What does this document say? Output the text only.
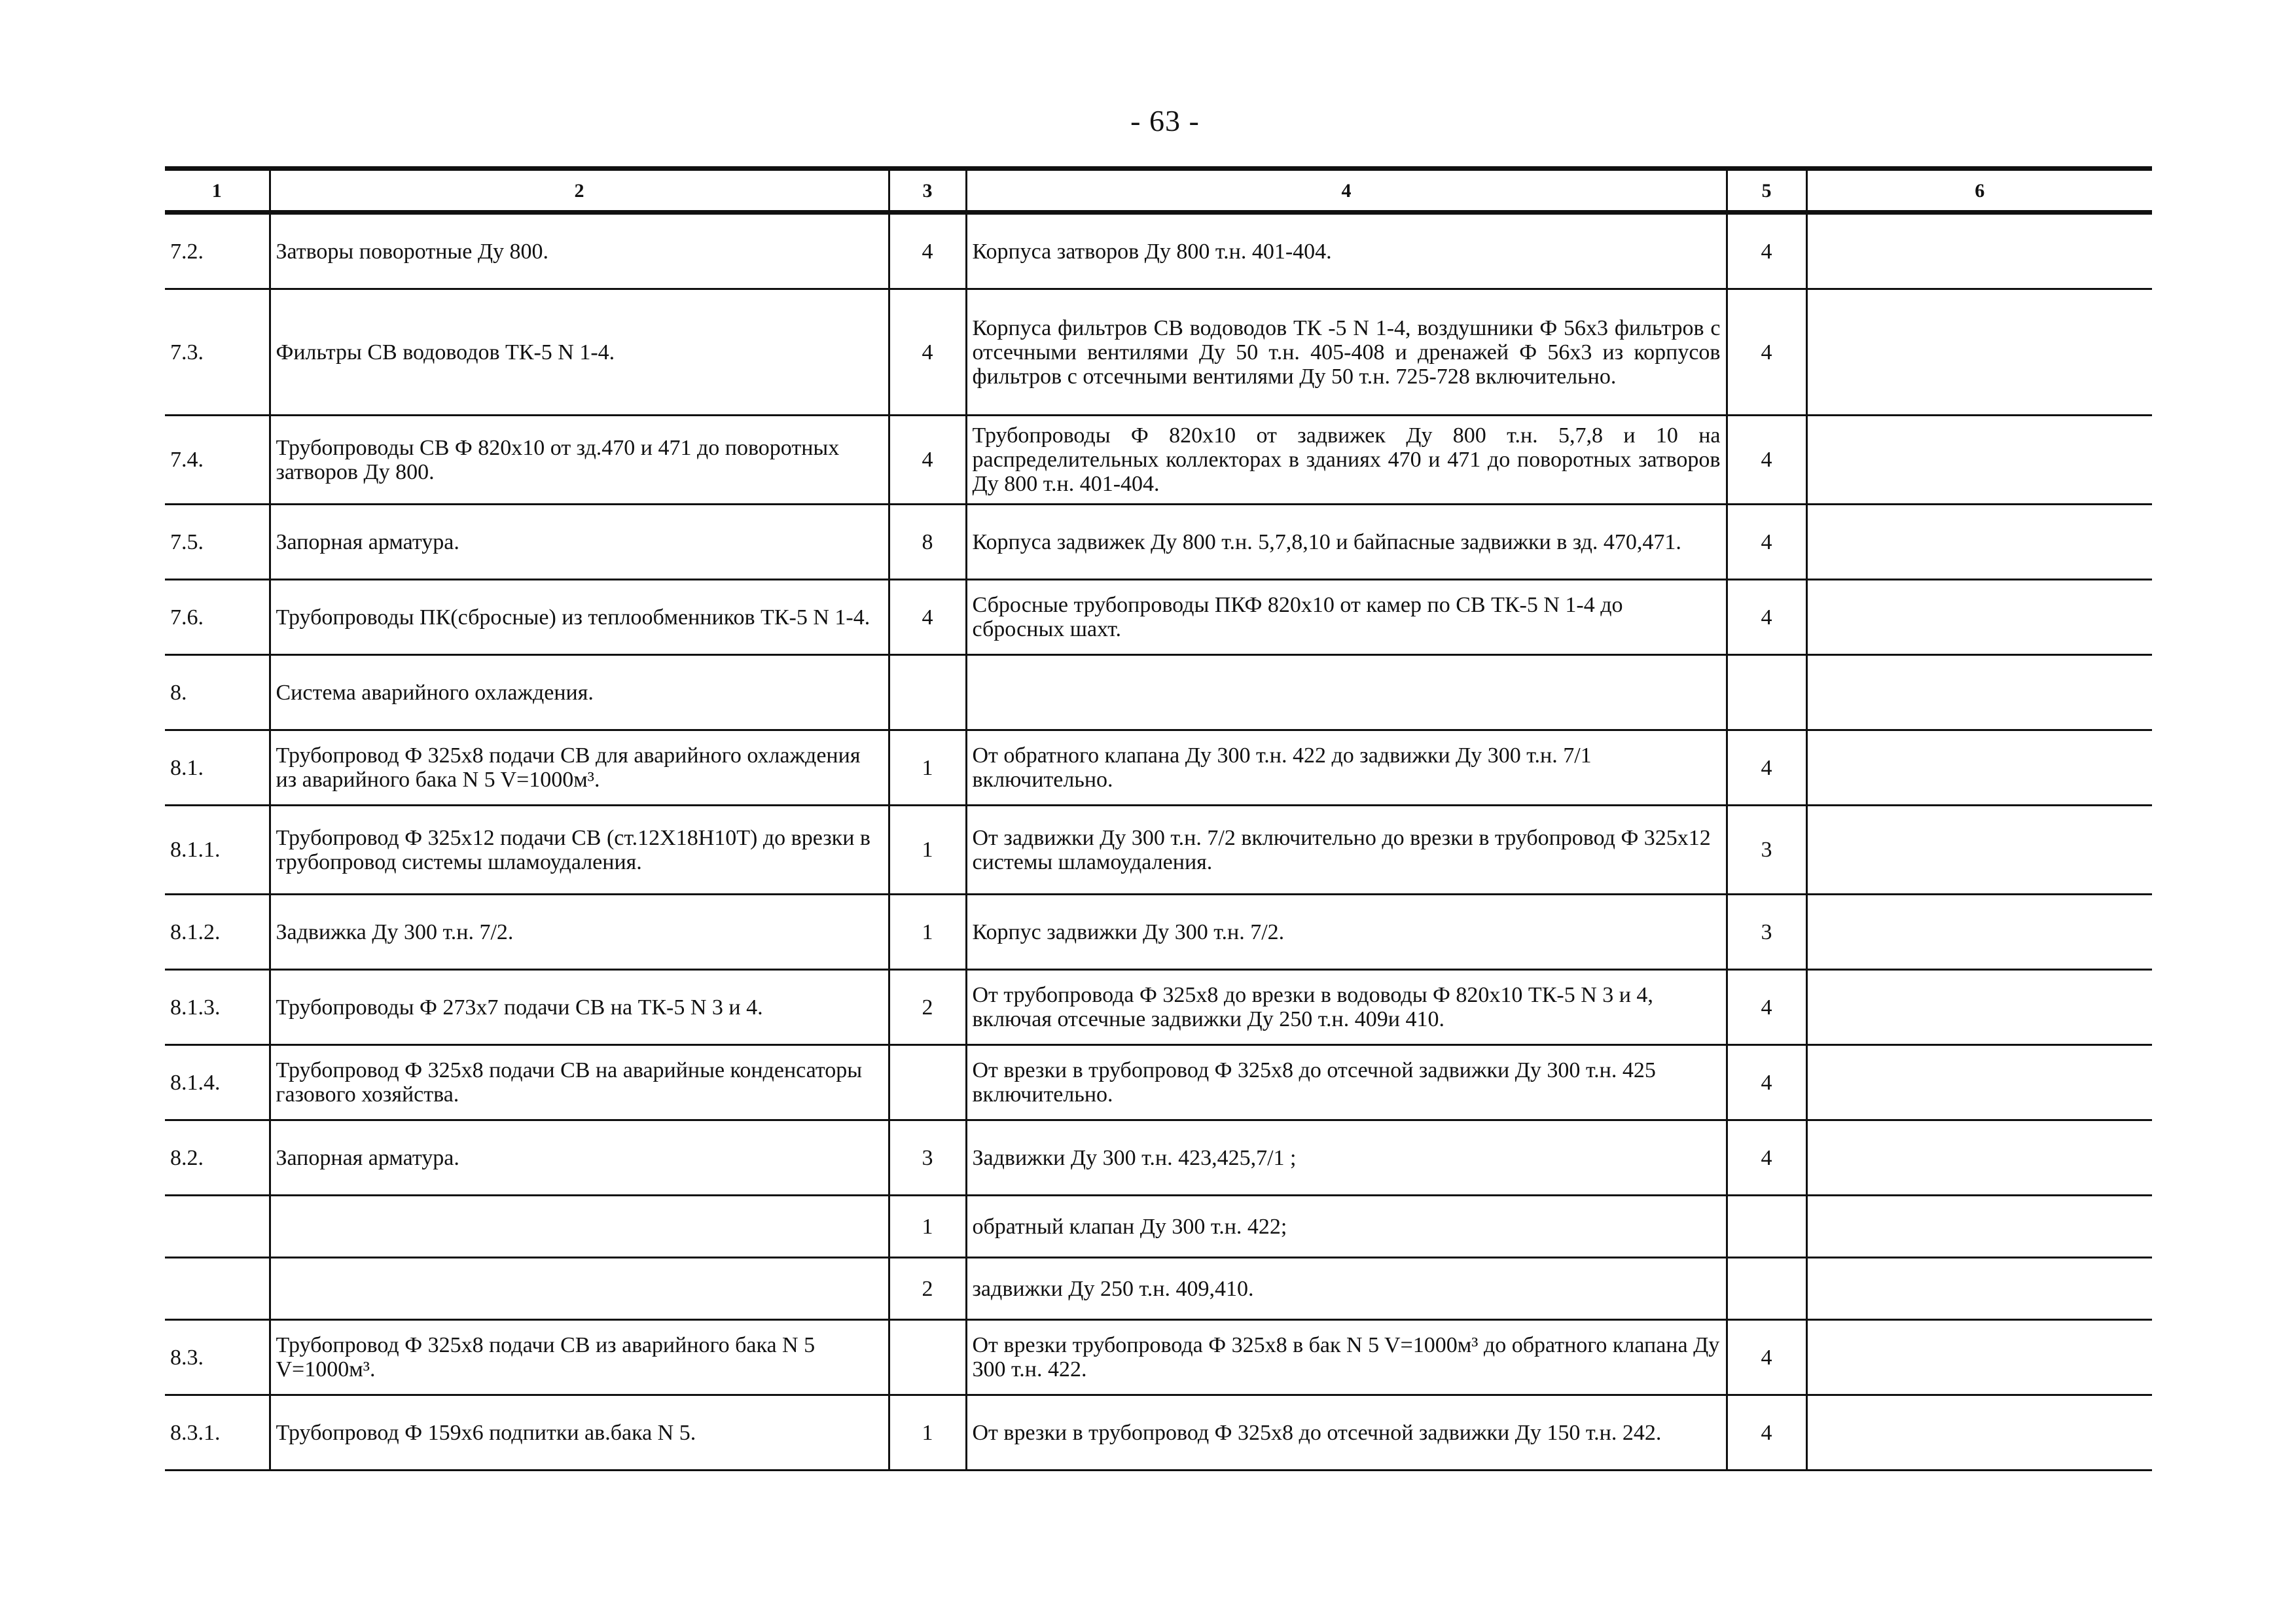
- 63 -
1	2	3	4	5	6
7.2.	Затворы поворотные Ду 800.	4	Корпуса затворов Ду 800 т.н. 401-404.	4	
7.3.	Фильтры СВ водоводов ТК-5 N 1-4.	4	Корпуса фильтров СВ водоводов ТК -5 N 1-4, воздушники Ф 56х3 фильтров с отсечными вентилями Ду 50 т.н. 405-408 и дренажей Ф 56х3 из корпусов фильтров с отсечными вентилями Ду 50 т.н. 725-728 включительно.	4	
7.4.	Трубопроводы СВ Ф 820х10 от зд.470 и 471 до поворотных затворов Ду 800.	4	Трубопроводы Ф 820х10 от задвижек Ду 800 т.н. 5,7,8 и 10 на распределительных коллекторах в зданиях 470 и 471 до поворотных затворов Ду 800 т.н. 401-404.	4	
7.5.	Запорная арматура.	8	Корпуса задвижек Ду 800 т.н. 5,7,8,10 и байпасные задвижки в зд. 470,471.	4	
7.6.	Трубопроводы ПК(сбросные) из теплообменников ТК-5 N 1-4.	4	Сбросные трубопроводы ПКФ 820х10 от камер по СВ ТК-5 N 1-4 до сбросных шахт.	4	
8.	Система аварийного охлаждения.				
8.1.	Трубопровод Ф 325х8 подачи СВ для аварийного охлаждения из аварийного бака N 5 V=1000м³.	1	От обратного клапана Ду 300 т.н. 422 до задвижки Ду 300 т.н. 7/1 включительно.	4	
8.1.1.	Трубопровод Ф 325х12 подачи СВ (ст.12Х18Н10Т) до врезки в трубопровод системы шламоудаления.	1	От задвижки Ду 300 т.н. 7/2 включительно до врезки в трубопровод Ф 325х12 системы шламоудаления.	3	
8.1.2.	Задвижка Ду 300 т.н. 7/2.	1	Корпус задвижки Ду 300 т.н. 7/2.	3	
8.1.3.	Трубопроводы Ф 273х7 подачи СВ на ТК-5 N 3 и 4.	2	От трубопровода Ф 325х8 до врезки в водоводы Ф 820х10 ТК-5 N 3 и 4, включая отсечные задвижки Ду 250 т.н. 409и 410.	4	
8.1.4.	Трубопровод Ф 325х8 подачи СВ на аварийные конденсаторы газового хозяйства.		От врезки в трубопровод Ф 325х8 до отсечной задвижки Ду 300 т.н. 425 включительно.	4	
8.2.	Запорная арматура.	3	Задвижки Ду 300 т.н. 423,425,7/1 ;	4	
		1	обратный клапан Ду 300 т.н. 422;		
		2	задвижки Ду 250 т.н. 409,410.		
8.3.	Трубопровод Ф 325х8 подачи СВ из аварийного бака N 5 V=1000м³.		От врезки трубопровода Ф 325х8 в бак N 5 V=1000м³ до обратного клапана Ду 300 т.н. 422.	4	
8.3.1.	Трубопровод Ф 159х6 подпитки ав.бака N 5.	1	От врезки в трубопровод Ф 325х8 до отсечной задвижки Ду 150 т.н. 242.	4	
